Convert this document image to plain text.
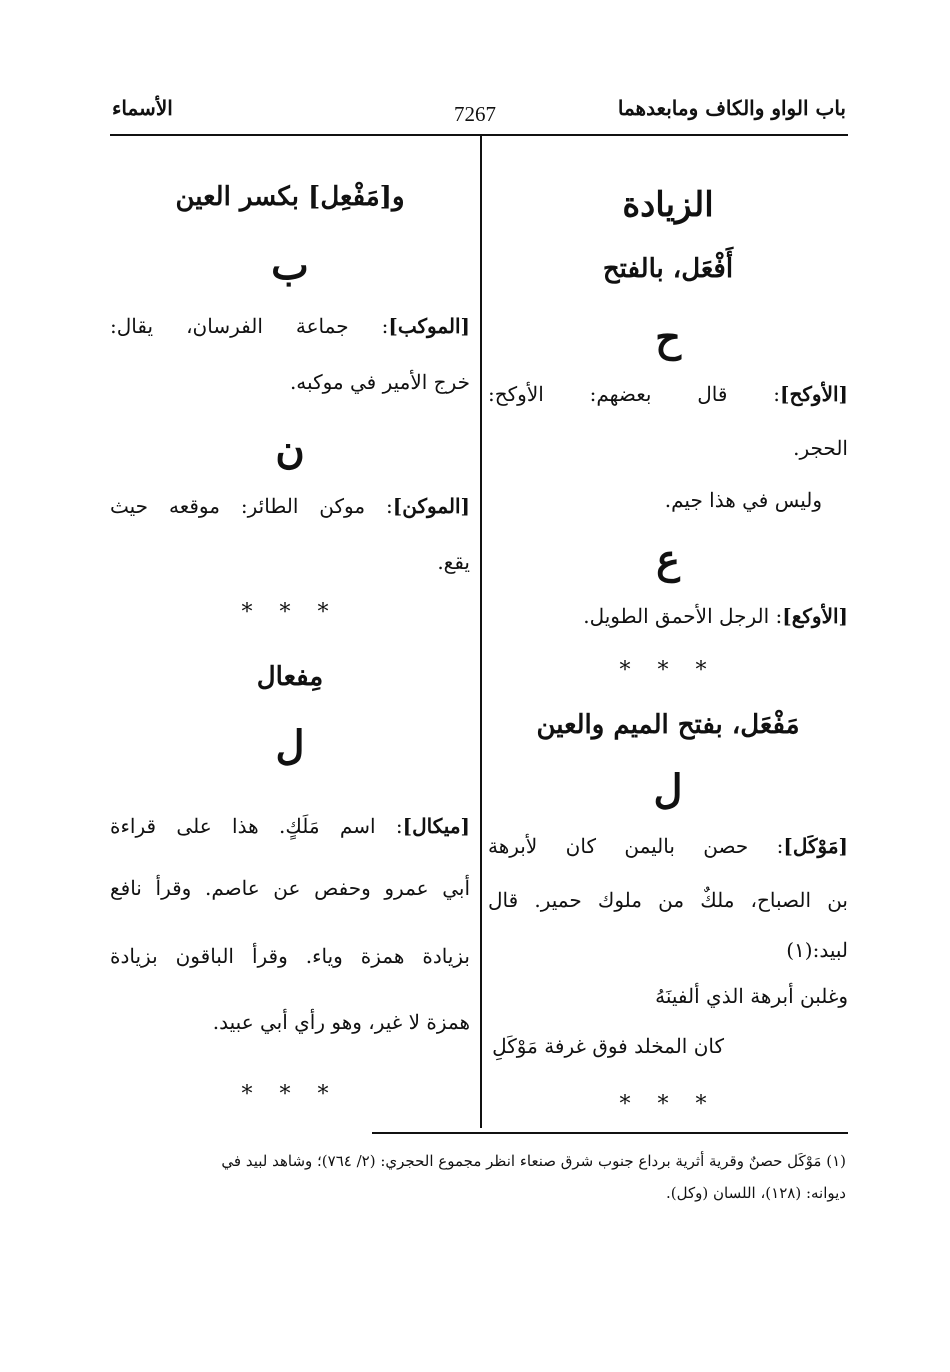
باب الواو والكاف ومابعدهما
7267
الأسماء
الزيادة
أَفْعَل، بالفتح
ح
[الأوكح]: قال بعضهم: الأوكح:
الحجر.
وليس في هذا جيم.
ع
[الأوكع]: الرجل الأحمق الطويل.
* * *
مَفْعَل، بفتح الميم والعين
ل
[مَوْكَل]: حصن باليمن كان لأبرهة
بن الصباح، ملكٌ من ملوك حمير. قال
لبيد:(١)
وغلبن أبرهة الذي ألفينَهُ
كان المخلد فوق غرفة مَوْكَلِ
* * *
و[مَفْعِل] بكسر العين
ب
[الموكب]: جماعة الفرسان، يقال:
خرج الأمير في موكبه.
ن
[الموكن]: موكن الطائر: موقعه حيث
يقع.
* * *
مِفعال
ل
[ميكال]: اسم مَلَكٍ. هذا على قراءة
أبي عمرو وحفص عن عاصم. وقرأ نافع
بزيادة همزة وياء. وقرأ الباقون بزيادة
همزة لا غير، وهو رأي أبي عبيد.
* * *
(١) مَوْكَل حصنٌ وقرية أثرية برداع جنوب شرق صنعاء انظر مجموع الحجري: (٢/ ٧٦٤)؛ وشاهد لبيد في
ديوانه: (١٢٨)، اللسان (وكل).
